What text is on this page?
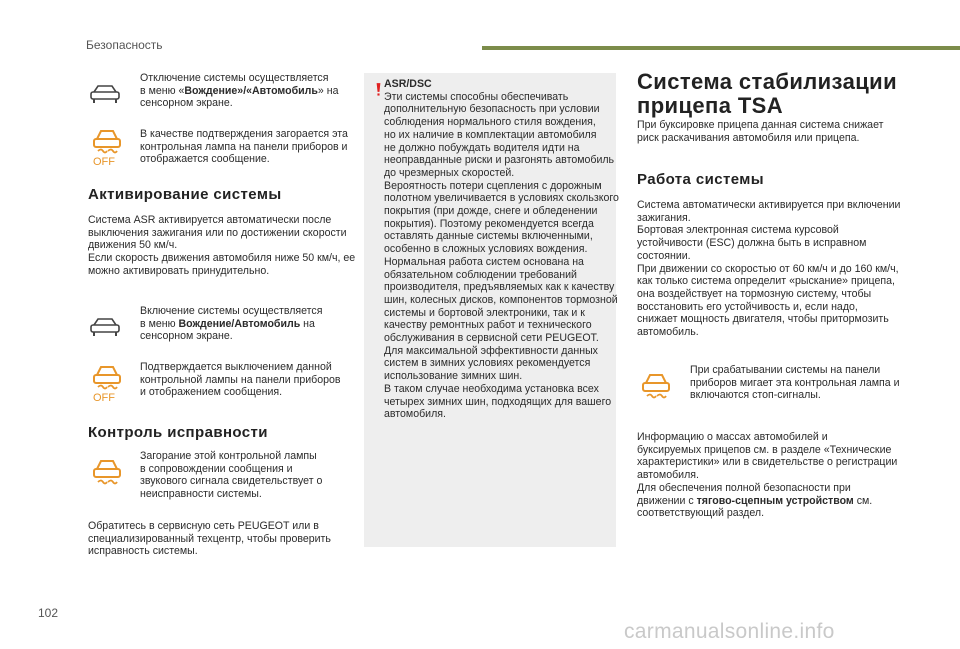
Безопасность
Отключение системы осуществляется
в меню «Вождение»/«Автомобиль» на
сенсорном экране.
OFF
В качестве подтверждения загорается эта
контрольная лампа на панели приборов и
отображается сообщение.
Активирование системы
Система ASR активируется автоматически после
выключения зажигания или по достижении скорости
движения 50 км/ч.
Если скорость движения автомобиля ниже 50 км/ч, ее
можно активировать принудительно.
Включение системы осуществляется
в меню Вождение/Автомобиль на
сенсорном экране.
OFF
Подтверждается выключением данной
контрольной лампы на панели приборов
и отображением сообщения.
Контроль исправности
Загорание этой контрольной лампы
в сопровождении сообщения и
звукового сигнала свидетельствует о
неисправности системы.
Обратитесь в сервисную сеть PEUGEOT или в
специализированный техцентр, чтобы проверить
исправность системы.
ASR/DSC
Эти системы способны обеспечивать
дополнительную безопасность при условии
соблюдения нормального стиля вождения,
но их наличие в комплектации автомобиля
не должно побуждать водителя идти на
неоправданные риски и разгонять автомобиль
до чрезмерных скоростей.
Вероятность потери сцепления с дорожным
полотном увеличивается в условиях скользкого
покрытия (при дожде, снеге и обледенении
покрытия). Поэтому рекомендуется всегда
оставлять данные системы включенными,
особенно в сложных условиях вождения.
Нормальная работа систем основана на
обязательном соблюдении требований
производителя, предъявляемых как к качеству
шин, колесных дисков, компонентов тормозной
системы и бортовой электроники, так и к
качеству ремонтных работ и технического
обслуживания в сервисной сети PEUGEOT.
Для максимальной эффективности данных
систем в зимних условиях рекомендуется
использование зимних шин.
В таком случае необходима установка всех
четырех зимних шин, подходящих для вашего
автомобиля.
Система стабилизации
прицепа TSA
При буксировке прицепа данная система снижает
риск раскачивания автомобиля или прицепа.
Работа системы
Система автоматически активируется при включении
зажигания.
Бортовая электронная система курсовой
устойчивости (ESC) должна быть в исправном
состоянии.
При движении со скоростью от 60 км/ч и до 160 км/ч,
как только система определит «рыскание» прицепа,
она воздействует на тормозную систему, чтобы
восстановить его устойчивость и, если надо,
снижает мощность двигателя, чтобы притормозить
автомобиль.
При срабатывании системы на панели
приборов мигает эта контрольная лампа и
включаются стоп-сигналы.
Информацию о массах автомобилей и
буксируемых прицепов см. в разделе «Технические
характеристики» или в свидетельстве о регистрации
автомобиля.
Для обеспечения полной безопасности при
движении с тягово-сцепным устройством см.
соответствующий раздел.
102
carmanualsonline.info
